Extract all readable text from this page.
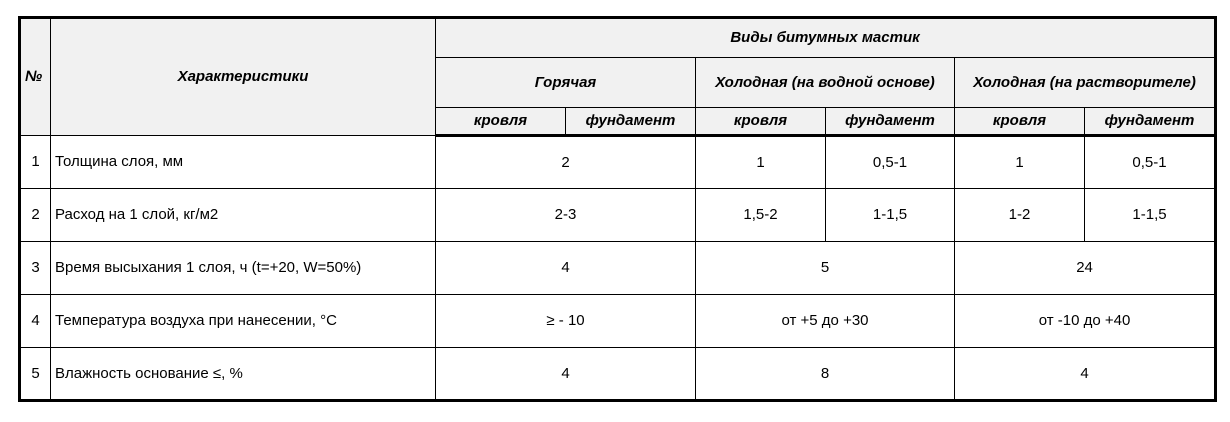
№	Характеристики	Виды битумных мастик					
		Горячая		Холодная (на водной основе)		Холодная (на растворителе)	
		кровля	фундамент	кровля	фундамент	кровля	фундамент
1	Толщина слоя, мм	2		1	0,5-1	1	0,5-1
2	Расход на 1 слой, кг/м2	2-3		1,5-2	1-1,5	1-2	1-1,5
3	Время высыхания 1 слоя, ч (t=+20, W=50%)	4		5		24	
4	Температура воздуха при нанесении, °С	≥ - 10		от +5 до +30		от -10 до +40	
5	Влажность основание ≤, %	4		8		4	
